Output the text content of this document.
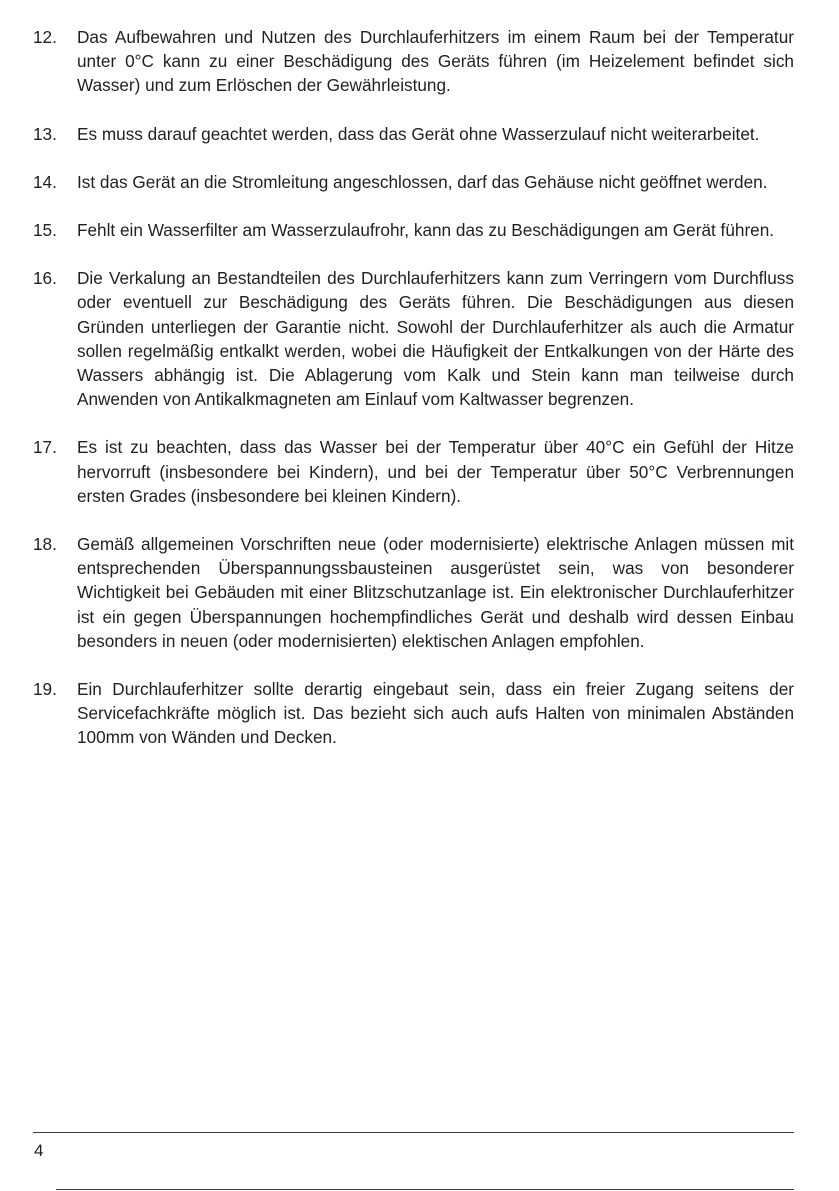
12.	Das Aufbewahren und Nutzen des Durchlauferhitzers im einem Raum bei der Temperatur unter 0°C kann zu einer Beschädigung des Geräts führen (im Heizelement befindet sich Wasser) und zum Erlöschen der Gewährleistung.
13.	Es muss darauf geachtet werden, dass das Gerät ohne Wasserzulauf nicht weiterarbeitet.
14.	Ist das Gerät an die Stromleitung angeschlossen, darf das Gehäuse nicht geöffnet werden.
15.	Fehlt ein Wasserfilter am Wasserzulaufrohr, kann das zu Beschädigungen am Gerät führen.
16.	Die Verkalung an Bestandteilen des Durchlauferhitzers kann zum Verringern vom Durchfluss oder eventuell zur Beschädigung des Geräts führen. Die Beschädigungen aus diesen Gründen unterliegen der Garantie nicht. Sowohl der Durchlauferhitzer als auch die Armatur sollen regelmäßig entkalkt werden, wobei die Häufigkeit der Entkalkungen von der Härte des Wassers abhängig ist. Die Ablagerung vom Kalk und Stein kann man teilweise durch Anwenden von Antikalkmagneten am Einlauf vom Kaltwasser begrenzen.
17.	Es ist zu beachten, dass das Wasser bei der Temperatur über 40°C ein Gefühl der Hitze hervorruft (insbesondere bei Kindern), und bei der Temperatur über 50°C Verbrennungen ersten Grades (insbesondere bei kleinen Kindern).
18.	Gemäß allgemeinen Vorschriften neue (oder modernisierte) elektrische Anlagen müssen mit entsprechenden Überspannungssbausteinen ausgerüstet sein, was von besonderer Wichtigkeit bei Gebäuden mit einer Blitzschutzanlage ist. Ein elektronischer Durchlauferhitzer ist ein gegen Überspannungen hochempfindliches Gerät und deshalb wird dessen Einbau besonders in neuen (oder modernisierten) elektischen Anlagen empfohlen.
19.	Ein Durchlauferhitzer sollte derartig eingebaut sein, dass ein freier Zugang seitens der Servicefachkräfte möglich ist. Das bezieht sich auch aufs Halten von minimalen Abständen 100mm von Wänden und Decken.
4
